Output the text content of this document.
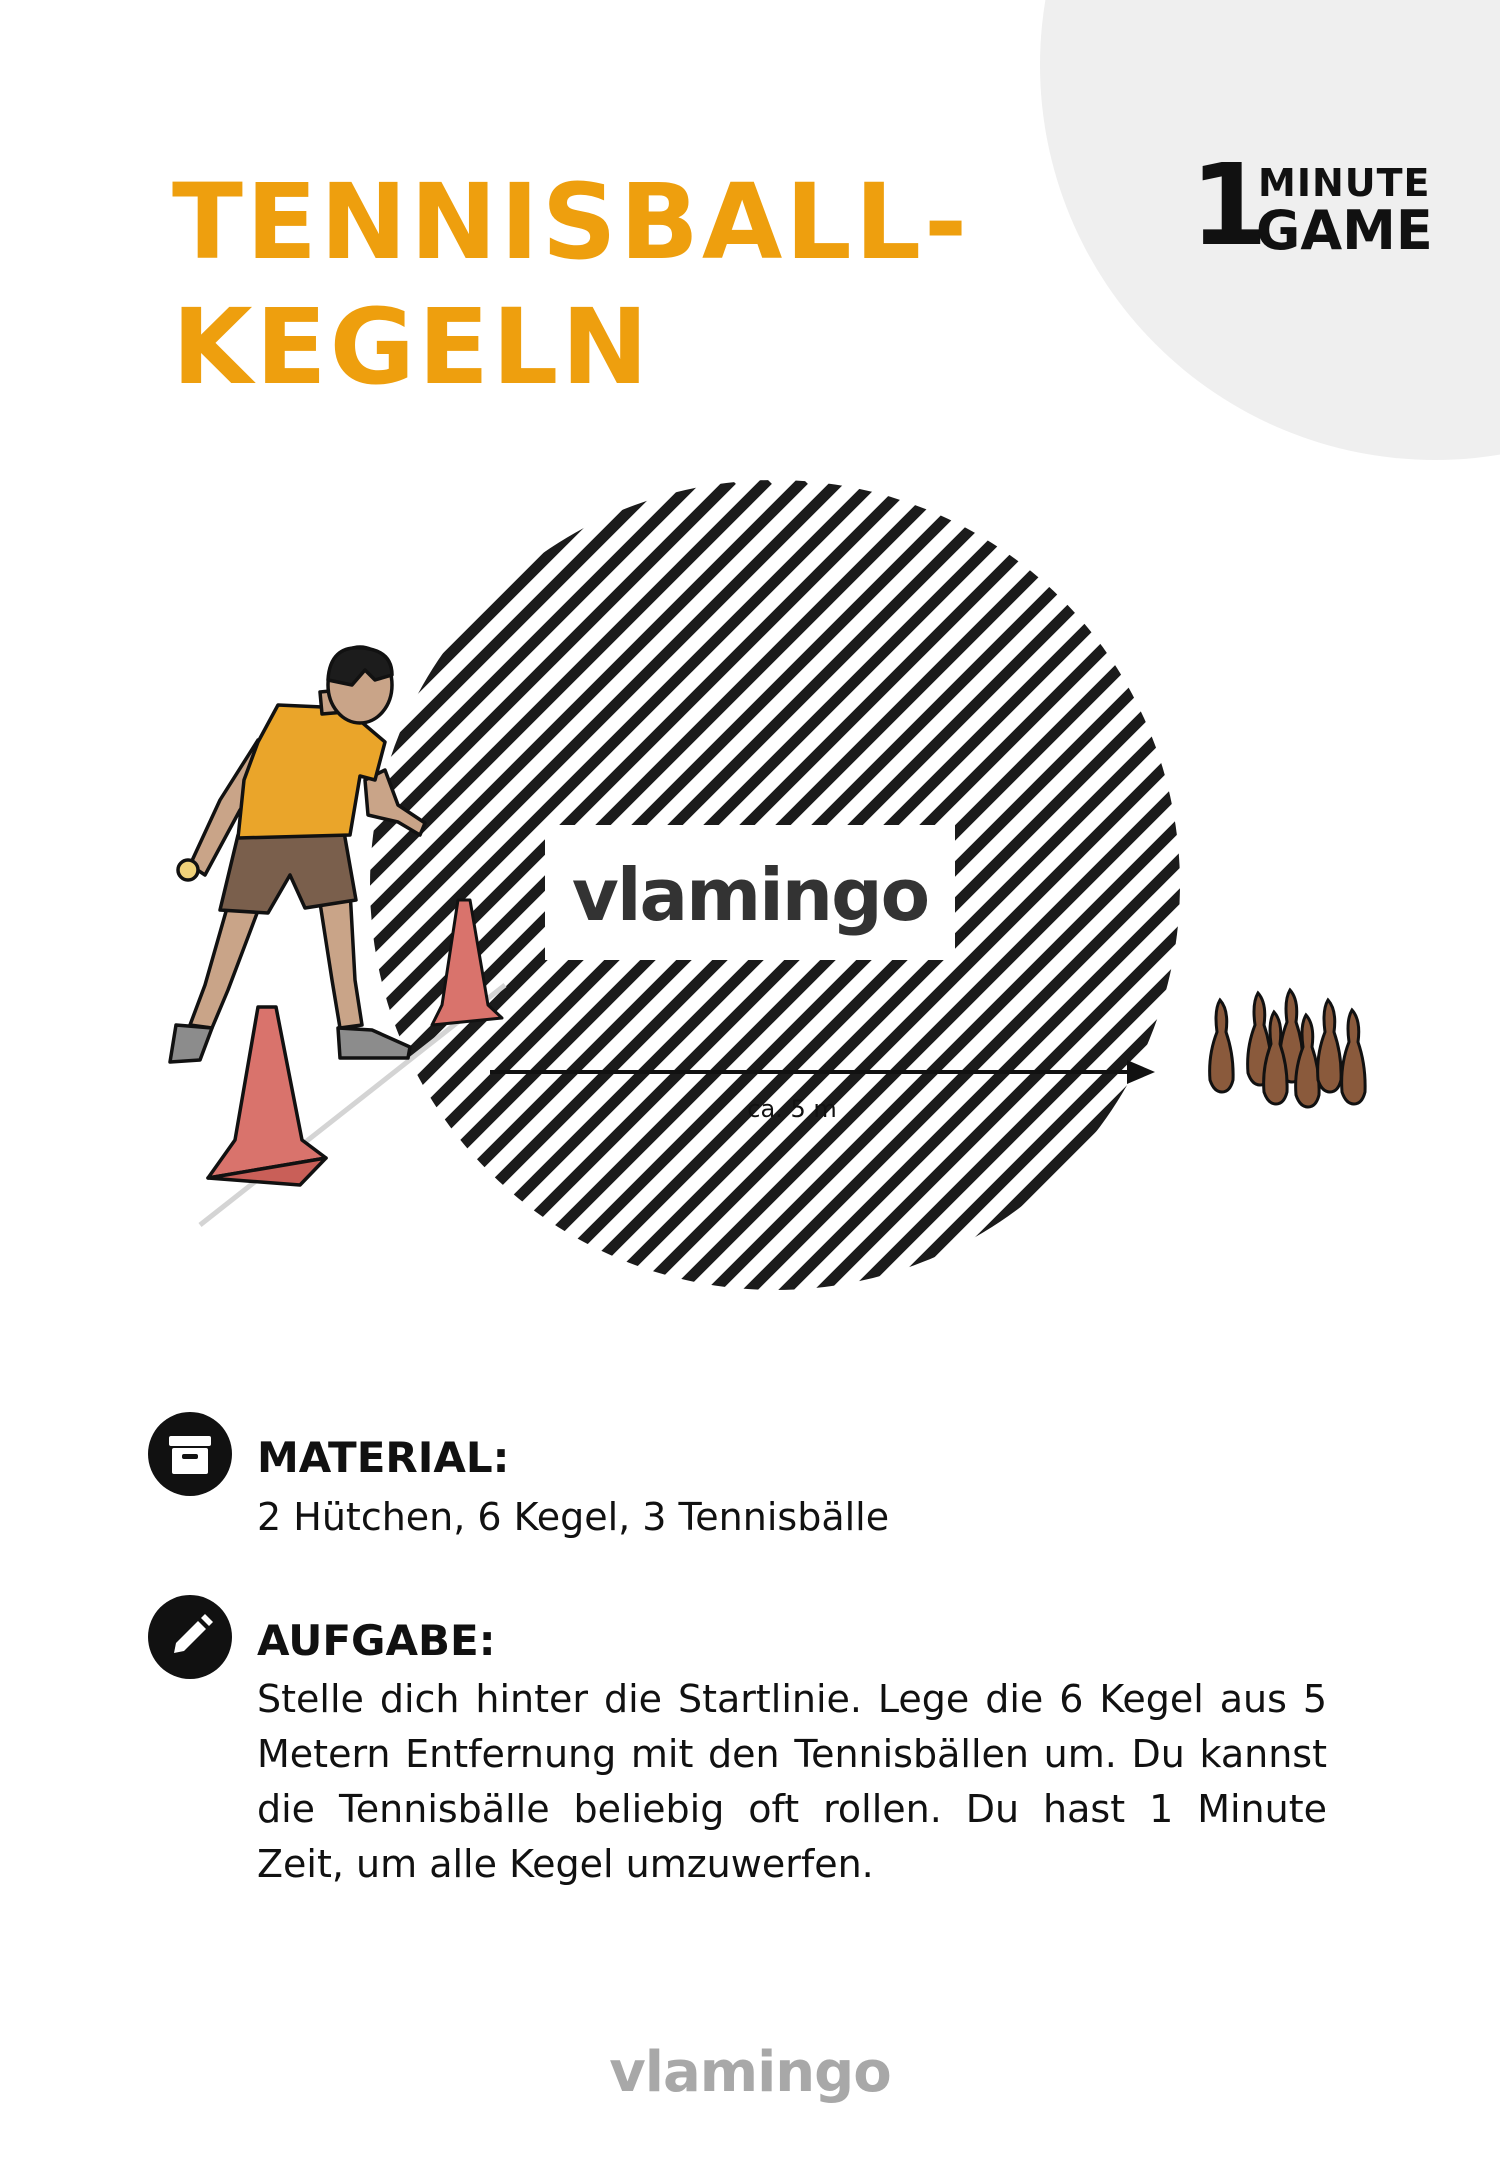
1
MINUTE
GAME
TENNISBALL-
KEGELN
vlamingo
ca. 5 m
MATERIAL:

2 Hütchen, 6 Kegel, 3 Tennisbälle

AUFGABE:

Stelle dich hinter die Startlinie. Lege die 6 Kegel aus 5 Metern Entfernung mit den Tennisbällen um. Du kannst die Tennisbälle beliebig oft rollen. Du hast 1 Minute Zeit, um alle Kegel umzuwerfen.

vlamingo
